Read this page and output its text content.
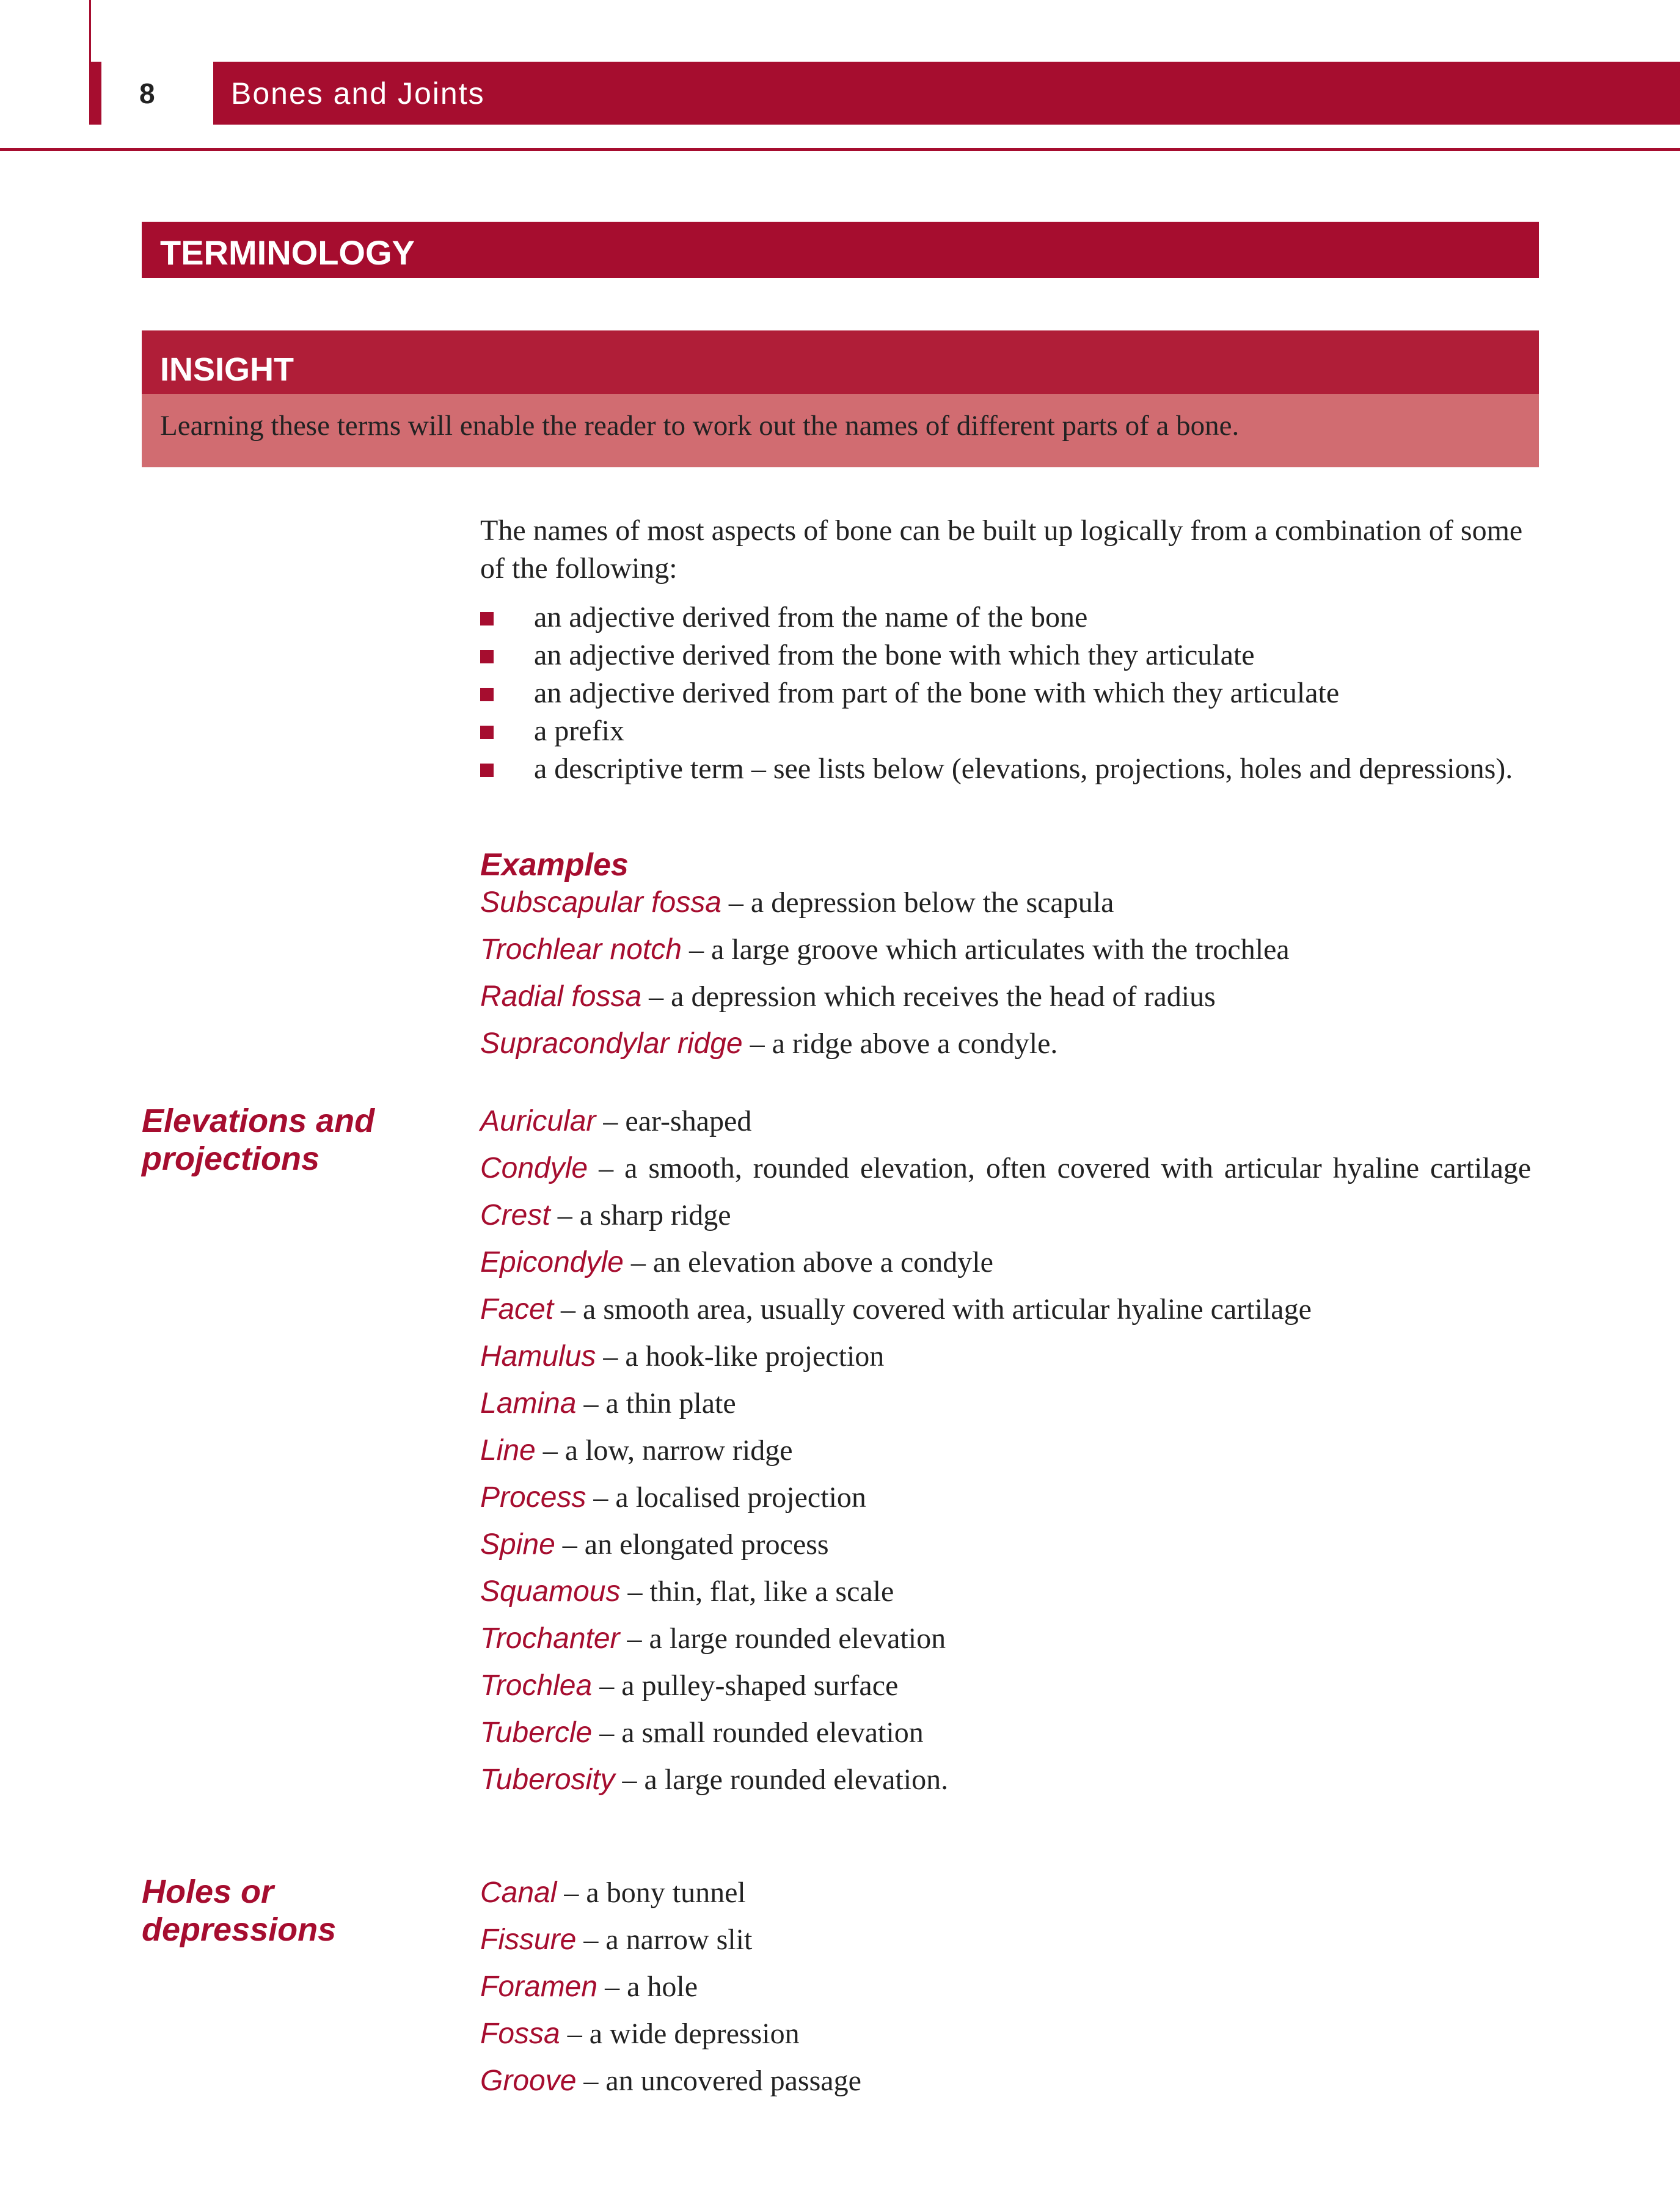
8 Bones and Joints
TERMINOLOGY
INSIGHT
Learning these terms will enable the reader to work out the names of different parts of a bone.
The names of most aspects of bone can be built up logically from a combination of some of the following:
an adjective derived from the name of the bone
an adjective derived from the bone with which they articulate
an adjective derived from part of the bone with which they articulate
a prefix
a descriptive term – see lists below (elevations, projections, holes and depressions).
Examples
Subscapular fossa – a depression below the scapula
Trochlear notch – a large groove which articulates with the trochlea
Radial fossa – a depression which receives the head of radius
Supracondylar ridge – a ridge above a condyle.
Elevations and
projections
Auricular – ear-shaped
Condyle – a smooth, rounded elevation, often covered with articular hyaline cartilage
Crest – a sharp ridge
Epicondyle – an elevation above a condyle
Facet – a smooth area, usually covered with articular hyaline cartilage
Hamulus – a hook-like projection
Lamina – a thin plate
Line – a low, narrow ridge
Process – a localised projection
Spine – an elongated process
Squamous – thin, flat, like a scale
Trochanter – a large rounded elevation
Trochlea – a pulley-shaped surface
Tubercle – a small rounded elevation
Tuberosity – a large rounded elevation.
Holes or
depressions
Canal – a bony tunnel
Fissure – a narrow slit
Foramen – a hole
Fossa – a wide depression
Groove – an uncovered passage
